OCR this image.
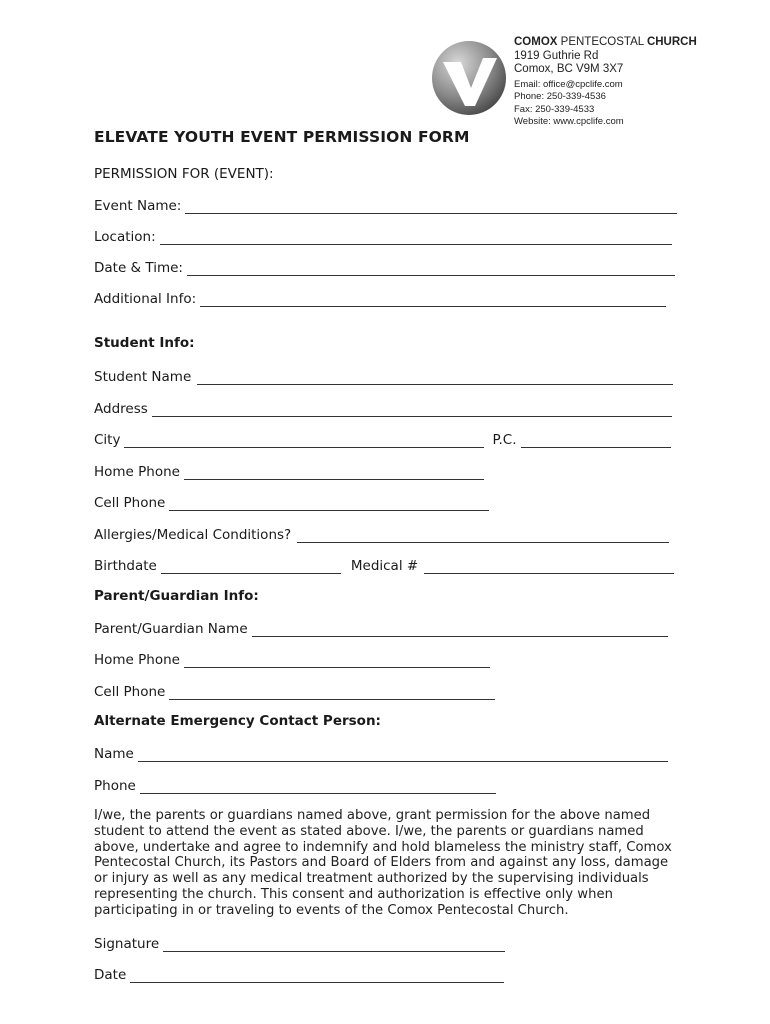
COMOX PENTECOSTAL CHURCH
1919 Guthrie Rd
Comox, BC V9M 3X7
Email: office@cpclife.com
Phone: 250-339-4536
Fax: 250-339-4533
Website: www.cpclife.com
ELEVATE YOUTH EVENT PERMISSION FORM
PERMISSION FOR (EVENT):
Event Name:
Location:
Date & Time:
Additional Info:
Student Info:
Student Name
Address
City	P.C.
Home Phone
Cell Phone
Allergies/Medical Conditions?
Birthdate	Medical #
Parent/Guardian Info:
Parent/Guardian Name
Home Phone
Cell Phone
Alternate Emergency Contact Person:
Name
Phone
I/we, the parents or guardians named above, grant permission for the above named student to attend the event as stated above. I/we, the parents or guardians named above, undertake and agree to indemnify and hold blameless the ministry staff, Comox Pentecostal Church, its Pastors and Board of Elders from and against any loss, damage or injury as well as any medical treatment authorized by the supervising individuals representing the church. This consent and authorization is effective only when participating in or traveling to events of the Comox Pentecostal Church.
Signature
Date
